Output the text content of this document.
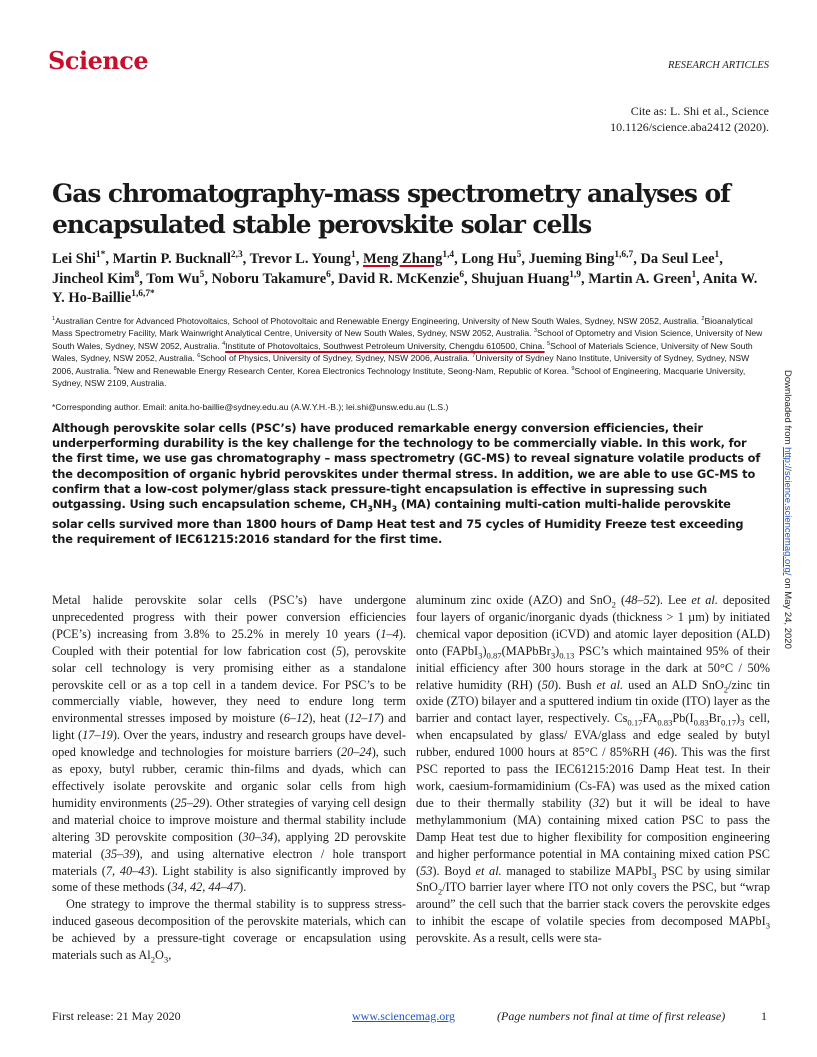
Science	RESEARCH ARTICLES
Cite as: L. Shi et al., Science
10.1126/science.aba2412 (2020).
Gas chromatography-mass spectrometry analyses of
encapsulated stable perovskite solar cells
Lei Shi$^{1*}$, Martin P. Bucknall$^{2,3}$, Trevor L. Young$^1$, Meng Zhang$^{1,4}$, Long Hu$^5$, Jueming Bing$^{1,6,7}$, Da Seul Lee$^1$, Jincheol Kim$^8$, Tom Wu$^5$, Noboru Takamure$^6$, David R. McKenzie$^6$, Shujuan Huang$^{1,9}$, Martin A. Green$^1$, Anita W. Y. Ho-Baillie$^{1,6,7*}$
$^1$Australian Centre for Advanced Photovoltaics, School of Photovoltaic and Renewable Energy Engineering, University of New South Wales, Sydney, NSW 2052, Australia. $^2$Bioanalytical Mass Spectrometry Facility, Mark Wainwright Analytical Centre, University of New South Wales, Sydney, NSW 2052, Australia. $^3$School of Optometry and Vision Science, University of New South Wales, Sydney, NSW 2052, Australia. $^4$Institute of Photovoltaics, Southwest Petroleum University, Chengdu 610500, China. $^5$School of Materials Science, University of New South Wales, Sydney, NSW 2052, Australia. $^6$School of Physics, University of Sydney, Sydney, NSW 2006, Australia. $^7$University of Sydney Nano Institute, University of Sydney, Sydney, NSW 2006, Australia. $^8$New and Renewable Energy Research Center, Korea Electronics Technology Institute, Seong-Nam, Republic of Korea. $^9$School of Engineering, Macquarie University, Sydney, NSW 2109, Australia.
*Corresponding author. Email: anita.ho-baillie@sydney.edu.au (A.W.Y.H.-B.); lei.shi@unsw.edu.au (L.S.)
Although perovskite solar cells (PSC’s) have produced remarkable energy conversion efficiencies, their underperforming durability is the key challenge for the technology to be commercially viable. In this work, for the first time, we use gas chromatography – mass spectrometry (GC-MS) to reveal signature volatile products of the decomposition of organic hybrid perovskites under thermal stress. In addition, we are able to use GC-MS to confirm that a low-cost polymer/glass stack pressure-tight encapsulation is effective in supressing such outgassing. Using such encapsulation scheme, $CH_3NH_3$ (MA) containing multi-cation multi-halide perovskite solar cells survived more than 1800 hours of Damp Heat test and 75 cycles of Humidity Freeze test exceeding the requirement of IEC61215:2016 standard for the first time.

Metal halide perovskite solar cells (PSC’s) have undergone unprecedented progress with their power conversion efficiencies (PCE’s) increasing from 3.8% to 25.2% in merely 10 years (1–4). Coupled with their potential for low fabrication cost (5), perovskite solar cell technology is very promising either as a standalone perovskite cell or as a top cell in a tandem device. For PSC’s to be commercially viable, however, they need to endure long term environmental stresses imposed by moisture (6–12), heat (12–17) and light (17–19). Over the years, industry and research groups have developed knowledge and technologies for moisture barriers (20–24), such as epoxy, butyl rubber, ceramic thin-films and dyads, which can effectively isolate perovskite and organic solar cells from high humidity environments (25–29). Other strategies of varying cell design and material choice to improve moisture and thermal stability include altering 3D perovskite composition (30–34), applying 2D perovskite material (35–39), and using alternative electron / hole transport materials (7, 40–43). Light stability is also significantly improved by some of these methods (34, 42, 44–47).

One strategy to improve the thermal stability is to suppress stress-induced gaseous decomposition of the perovskite materials, which can be achieved by a pressure-tight coverage or encapsulation using materials such as $Al_2O_3$,

aluminum zinc oxide (AZO) and SnO$_2$ (48–52). Lee et al. deposited four layers of organic/inorganic dyads (thickness > 1 µm) by initiated chemical vapor deposition (iCVD) and atomic layer deposition (ALD) onto $(FAPbI_3)_{0.87}(MAPbBr_3)_{0.13}$ PSC’s which maintained 95% of their initial efficiency after 300 hours storage in the dark at 50°C / 50% relative humidity (RH) (50). Bush et al. used an ALD SnO$_2$/zinc tin oxide (ZTO) bilayer and a sputtered indium tin oxide (ITO) layer as the barrier and contact layer, respectively. $Cs_{0.17}FA_{0.83}Pb(I_{0.83}Br_{0.17})_3$ cell, when encapsulated by glass/ EVA/glass and edge sealed by butyl rubber, endured 1000 hours at 85°C / 85%RH (46). This was the first PSC reported to pass the IEC61215:2016 Damp Heat test. In their work, caesium-formamidinium (Cs-FA) was used as the mixed cation due to their thermally stability (32) but it will be ideal to have methylammonium (MA) containing mixed cation PSC to pass the Damp Heat test due to higher flexibility for composition engineering and higher performance potential in MA containing mixed cation PSC (53). Boyd et al. managed to stabilize MAPbI$_3$ PSC by using similar SnO$_2$/ITO barrier layer where ITO not only covers the PSC, but “wrap around” the cell such that the barrier stack covers the perovskite edges to inhibit the escape of volatile species from decomposed MAPbI$_3$ perovskite. As a result, cells were sta-

Downloaded from http://science.sciencemag.org/ on May 24, 2020
First release: 21 May 2020	www.sciencemag.org	(Page numbers not final at time of first release)	1
